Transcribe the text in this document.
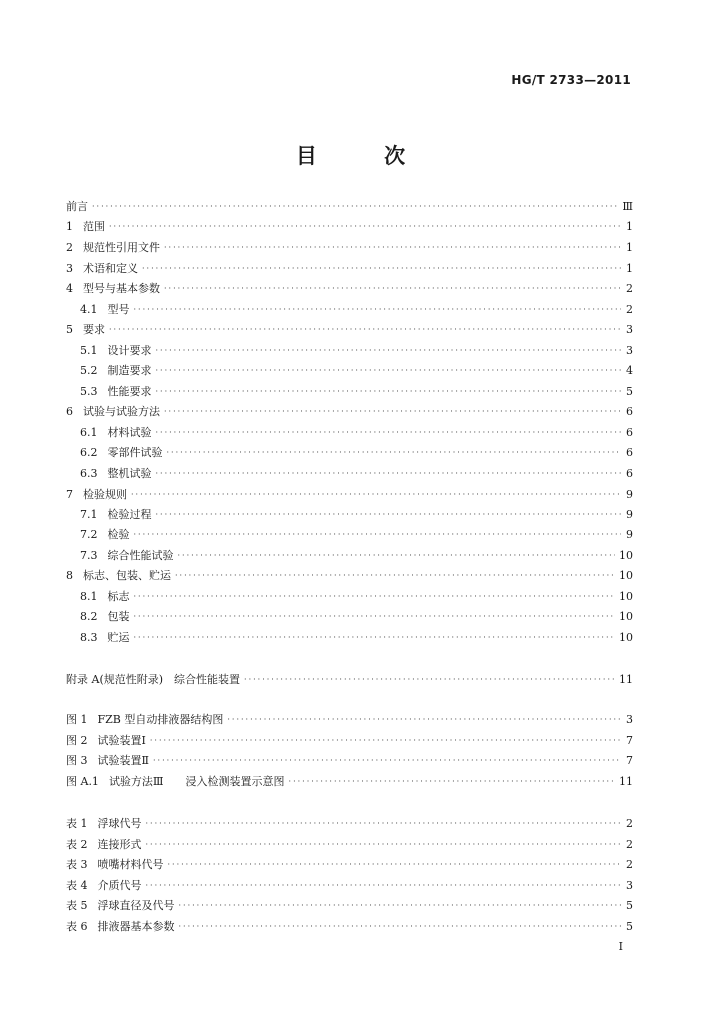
HG/T 2733—2011
目 次
前言 ·····	Ⅲ
1 范围 ·····	1
2 规范性引用文件 ·····	1
3 术语和定义 ·····	1
4 型号与基本参数 ·····	2
4.1 型号 ·····	2
5 要求 ·····	3
5.1 设计要求 ·····	3
5.2 制造要求 ·····	4
5.3 性能要求 ·····	5
6 试验与试验方法 ·····	6
6.1 材料试验 ·····	6
6.2 零部件试验 ·····	6
6.3 整机试验 ·····	6
7 检验规则 ·····	9
7.1 检验过程 ·····	9
7.2 检验 ·····	9
7.3 综合性能试验 ·····	10
8 标志、包装、贮运 ·····	10
8.1 标志 ·····	10
8.2 包装 ·····	10
8.3 贮运 ·····	10
附录 A(规范性附录)　综合性能装置 ·····	11
图 1 FZB 型自动排液器结构图 ·····	3
图 2 试验装置Ⅰ ·····	7
图 3 试验装置Ⅱ ·····	7
图 A.1 试验方法Ⅲ　　浸入检测装置示意图 ·····	11
表 1 浮球代号 ·····	2
表 2 连接形式 ·····	2
表 3 喷嘴材料代号 ·····	2
表 4 介质代号 ·····	3
表 5 浮球直径及代号 ·····	5
表 6 排液器基本参数 ·····	5
Ⅰ
